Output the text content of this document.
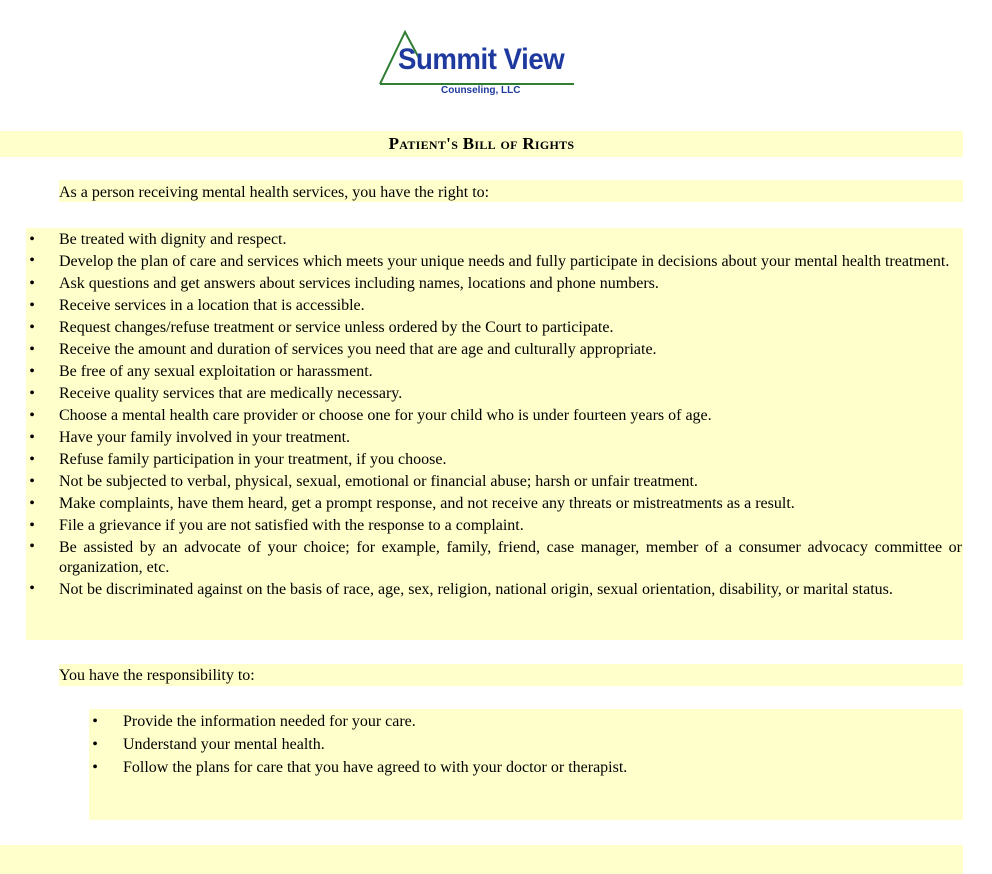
Summit View
Counseling, LLC
Patient's Bill of Rights
As a person receiving mental health services, you have the right to:
• Be treated with dignity and respect.
• Develop the plan of care and services which meets your unique needs and fully participate in decisions about your mental health treatment.
• Ask questions and get answers about services including names, locations and phone numbers.
• Receive services in a location that is accessible.
• Request changes/refuse treatment or service unless ordered by the Court to participate.
• Receive the amount and duration of services you need that are age and culturally appropriate.
• Be free of any sexual exploitation or harassment.
• Receive quality services that are medically necessary.
• Choose a mental health care provider or choose one for your child who is under fourteen years of age.
• Have your family involved in your treatment.
• Refuse family participation in your treatment, if you choose.
• Not be subjected to verbal, physical, sexual, emotional or financial abuse; harsh or unfair treatment.
• Make complaints, have them heard, get a prompt response, and not receive any threats or mistreatments as a result.
• File a grievance if you are not satisfied with the response to a complaint.
• Be assisted by an advocate of your choice; for example, family, friend, case manager, member of a consumer advocacy committee or organization, etc.
• Not be discriminated against on the basis of race, age, sex, religion, national origin, sexual orientation, disability, or marital status.
You have the responsibility to:
• Provide the information needed for your care.
• Understand your mental health.
• Follow the plans for care that you have agreed to with your doctor or therapist.
